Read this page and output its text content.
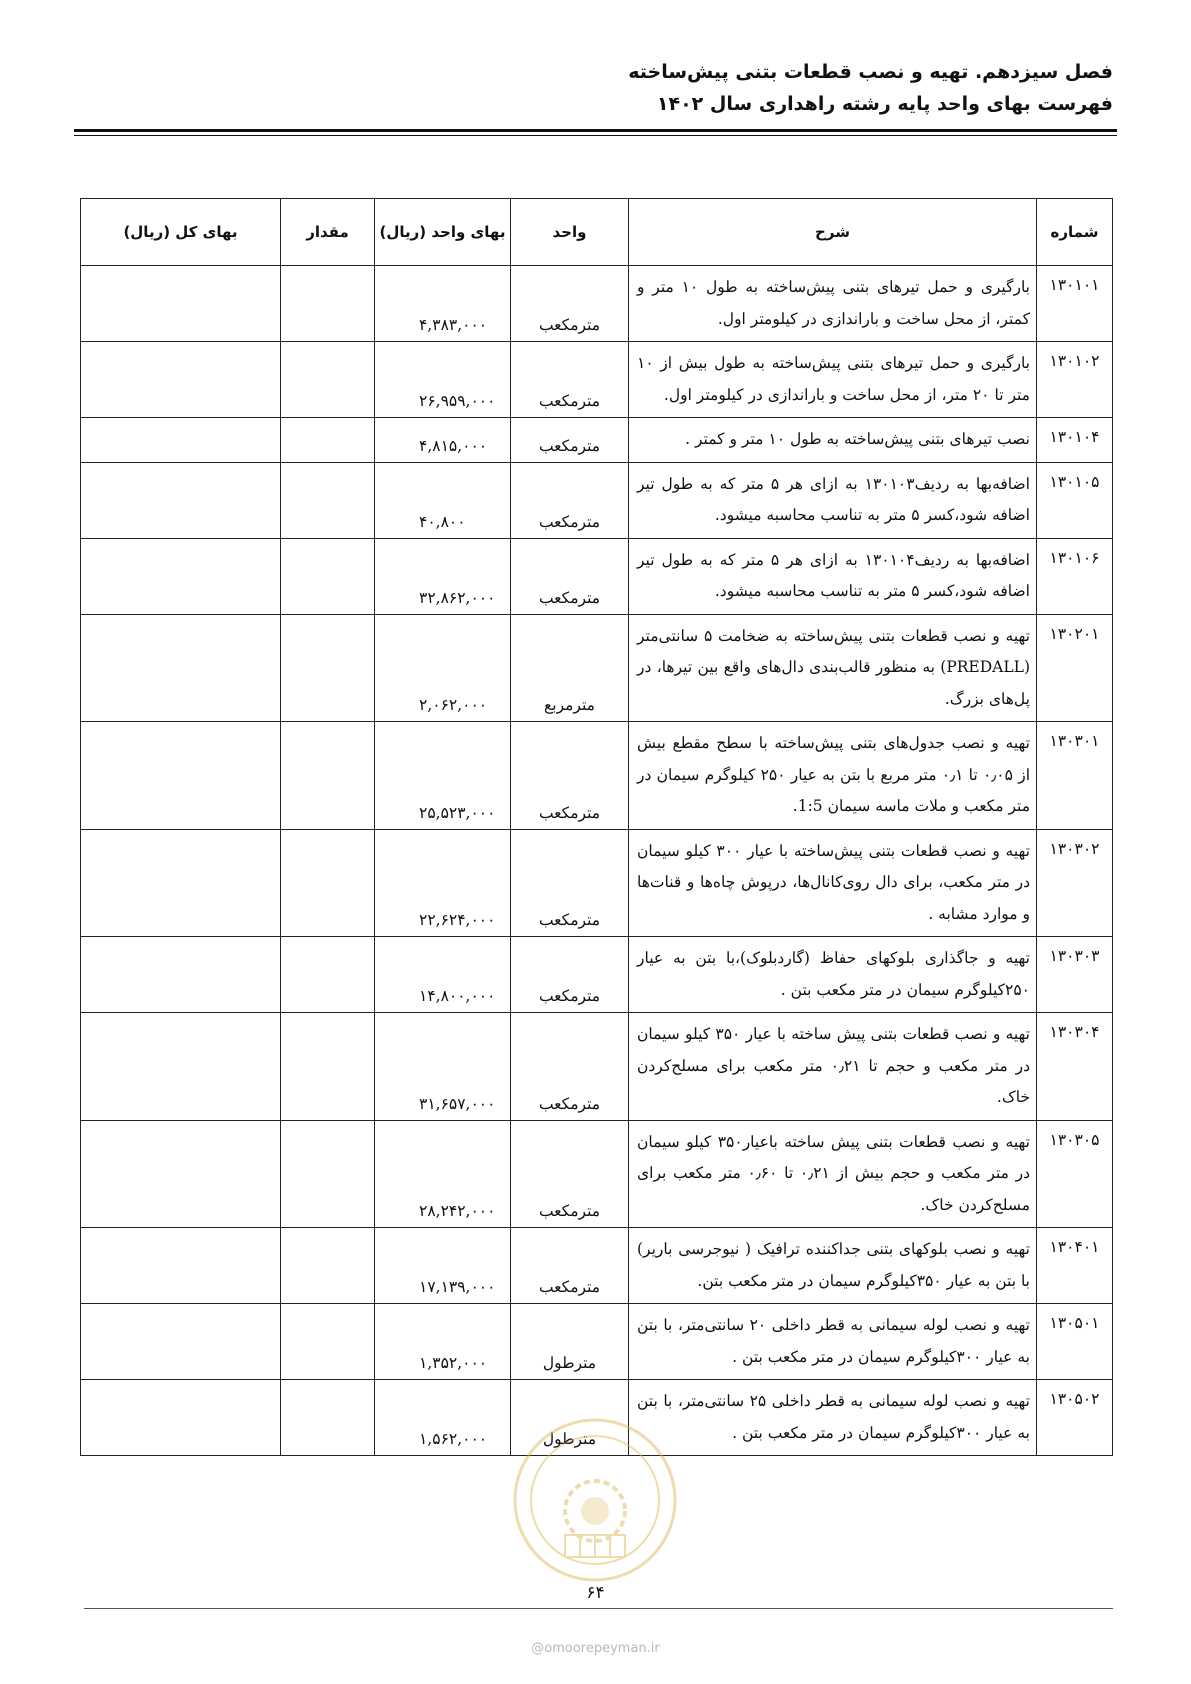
فصل سیزدهم. تهیه و نصب قطعات بتنی پیش‌ساخته
فهرست بهای واحد پایه رشته راهداری سال ۱۴۰۲
شماره	شرح	واحد	بهای واحد (ریال)	مقدار	بهای کل (ریال)
۱۳۰۱۰۱	بارگیری و حمل تیرهای بتنی پیش‌ساخته به طول ۱۰ متر و کمتر، از محل ساخت و باراندازی در کیلومتر اول.	مترمکعب	۴,۳۸۳,۰۰۰		
۱۳۰۱۰۲	بارگیری و حمل تیرهای بتنی پیش‌ساخته به طول بیش از ۱۰ متر تا ۲۰ متر، از محل ساخت و باراندازی در کیلومتر اول.	مترمکعب	۲۶,۹۵۹,۰۰۰		
۱۳۰۱۰۴	نصب تیرهای بتنی پیش‌ساخته به طول ۱۰ متر و کمتر .	مترمکعب	۴,۸۱۵,۰۰۰		
۱۳۰۱۰۵	اضافه‌بها به ردیف۱۳۰۱۰۳ به ازای هر ۵ متر که به طول تیر اضافه شود،کسر ۵ متر به تناسب محاسبه میشود.	مترمکعب	۴۰,۸۰۰		
۱۳۰۱۰۶	اضافه‌بها به ردیف۱۳۰۱۰۴ به ازای هر ۵ متر که به طول تیر اضافه شود،کسر ۵ متر به تناسب محاسبه میشود.	مترمکعب	۳۲,۸۶۲,۰۰۰		
۱۳۰۲۰۱	تهیه و نصب قطعات بتنی پیش‌ساخته به ضخامت ۵ سانتی‌متر (PREDALL) به منظور قالب‌بندی دال‌های واقع بین تیرها، در پل‌های بزرگ.	مترمربع	۲,۰۶۲,۰۰۰		
۱۳۰۳۰۱	تهیه و نصب جدول‌های بتنی پیش‌ساخته با سطح مقطع بیش از ۰٫۰۵ تا ۰٫۱ متر مربع با بتن به عیار ۲۵۰ کیلوگرم سیمان در متر مکعب و ملات ماسه سیمان 1:5.	مترمکعب	۲۵,۵۲۳,۰۰۰		
۱۳۰۳۰۲	تهیه و نصب قطعات بتنی پیش‌ساخته با عیار ۳۰۰ کیلو سیمان در متر مکعب، برای دال روی‌کانال‌ها، درپوش چاه‌ها و قنات‌ها و موارد مشابه .	مترمکعب	۲۲,۶۲۴,۰۰۰		
۱۳۰۳۰۳	تهیه و جاگذاری بلوکهای حفاظ (گاردبلوک)،با بتن به عیار ۲۵۰کیلوگرم سیمان در متر مکعب بتن .	مترمکعب	۱۴,۸۰۰,۰۰۰		
۱۳۰۳۰۴	تهیه و نصب قطعات بتنی پیش ساخته با عیار ۳۵۰ کیلو سیمان در متر مکعب و حجم تا ۰٫۲۱ متر مکعب برای مسلح‌کردن خاک.	مترمکعب	۳۱,۶۵۷,۰۰۰		
۱۳۰۳۰۵	تهیه و نصب قطعات بتنی پیش ساخته باعیار۳۵۰ کیلو سیمان در متر مکعب و حجم بیش از ۰٫۲۱ تا ۰٫۶۰ متر مکعب برای مسلح‌کردن خاک.	مترمکعب	۲۸,۲۴۲,۰۰۰		
۱۳۰۴۰۱	تهیه و نصب بلوکهای بتنی جداکننده ترافیک ( نیوجرسی باریر) با بتن به عیار ۳۵۰کیلوگرم سیمان در متر مکعب بتن.	مترمکعب	۱۷,۱۳۹,۰۰۰		
۱۳۰۵۰۱	تهیه و نصب لوله سیمانی به قطر داخلی ۲۰ سانتی‌متر، با بتن به عیار ۳۰۰کیلوگرم سیمان در متر مکعب بتن .	مترطول	۱,۳۵۲,۰۰۰		
۱۳۰۵۰۲	تهیه و نصب لوله سیمانی به قطر داخلی ۲۵ سانتی‌متر، با بتن به عیار ۳۰۰کیلوگرم سیمان در متر مکعب بتن .	مترطول	۱,۵۶۲,۰۰۰		
۶۴
@omoorepeyman.ir
